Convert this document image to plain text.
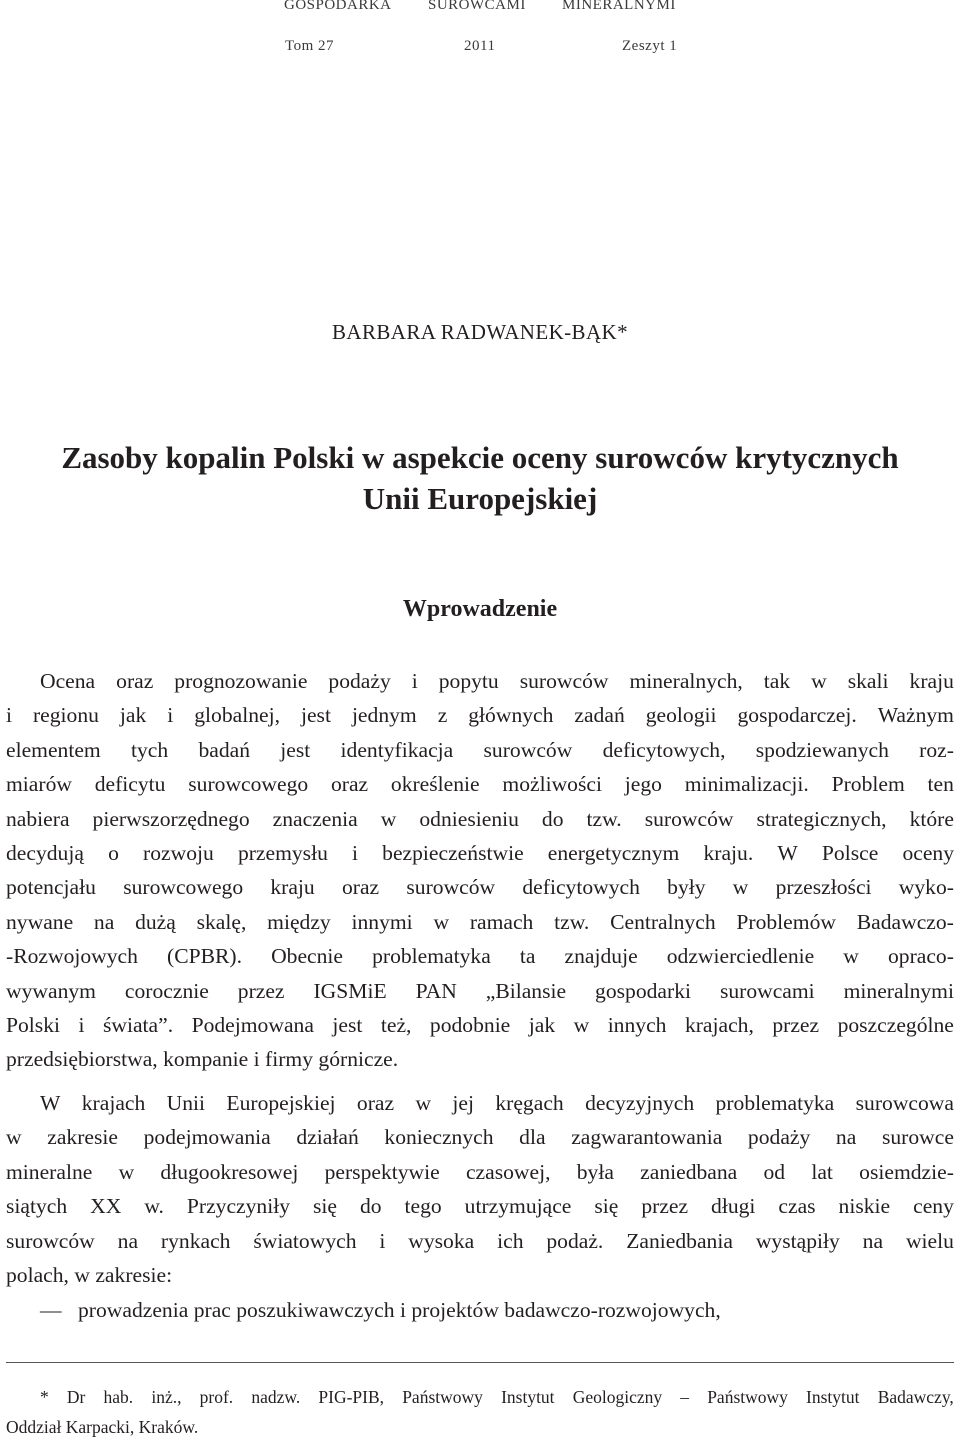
GOSPODARKA SUROWCAMI MINERALNYMI
Tom 27	2011	Zeszyt 1
BARBARA RADWANEK-BĄK*
Zasoby kopalin Polski w aspekcie oceny surowców krytycznych
Unii Europejskiej
Wprowadzenie
Ocena oraz prognozowanie podaży i popytu surowców mineralnych, tak w skali kraju
i regionu jak i globalnej, jest jednym z głównych zadań geologii gospodarczej. Ważnym
elementem tych badań jest identyfikacja surowców deficytowych, spodziewanych roz-
miarów deficytu surowcowego oraz określenie możliwości jego minimalizacji. Problem ten
nabiera pierwszorzędnego znaczenia w odniesieniu do tzw. surowców strategicznych, które
decydują o rozwoju przemysłu i bezpieczeństwie energetycznym kraju. W Polsce oceny
potencjału surowcowego kraju oraz surowców deficytowych były w przeszłości wyko-
nywane na dużą skalę, między innymi w ramach tzw. Centralnych Problemów Badawczo-
-Rozwojowych (CPBR). Obecnie problematyka ta znajduje odzwierciedlenie w opraco-
wywanym corocznie przez IGSMiE PAN „Bilansie gospodarki surowcami mineralnymi
Polski i świata”. Podejmowana jest też, podobnie jak w innych krajach, przez poszczególne
przedsiębiorstwa, kompanie i firmy górnicze.
W krajach Unii Europejskiej oraz w jej kręgach decyzyjnych problematyka surowcowa
w zakresie podejmowania działań koniecznych dla zagwarantowania podaży na surowce
mineralne w długookresowej perspektywie czasowej, była zaniedbana od lat osiemdzie-
siątych XX w. Przyczyniły się do tego utrzymujące się przez długi czas niskie ceny
surowców na rynkach światowych i wysoka ich podaż. Zaniedbania wystąpiły na wielu
polach, w zakresie:
— prowadzenia prac poszukiwawczych i projektów badawczo-rozwojowych,
* Dr hab. inż., prof. nadzw. PIG-PIB, Państwowy Instytut Geologiczny – Państwowy Instytut Badawczy,
Oddział Karpacki, Kraków.
